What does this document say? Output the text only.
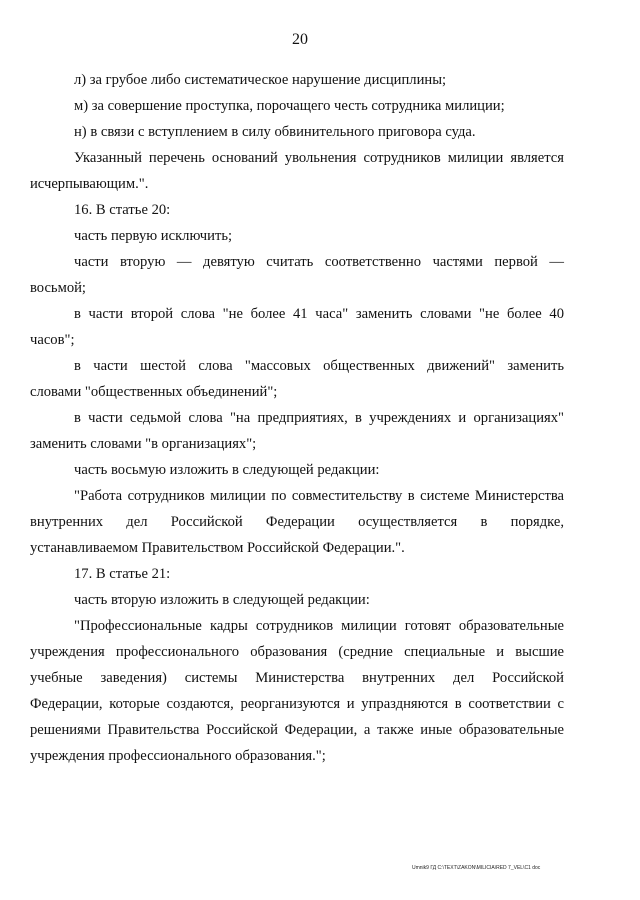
20
л) за грубое либо систематическое нарушение дисциплины;
м) за совершение проступка, порочащего честь сотрудника милиции;
н) в связи с вступлением в силу обвинительного приговора суда.
Указанный перечень оснований увольнения сотрудников милиции является
исчерпывающим.".
16. В статье 20:
часть первую исключить;
части вторую — девятую считать соответственно частями первой —
восьмой;
в части второй слова "не более 41 часа" заменить словами "не более 40
часов";
в части шестой слова "массовых общественных движений" заменить
словами "общественных объединений";
в части седьмой слова "на предприятиях, в учреждениях и организациях"
заменить словами "в организациях";
часть восьмую изложить в следующей редакции:
"Работа сотрудников милиции по совместительству в системе Министерства
внутренних дел Российской Федерации осуществляется в порядке,
устанавливаемом Правительством Российской Федерации.".
17. В статье 21:
часть вторую изложить в следующей редакции:
"Профессиональные кадры сотрудников милиции готовят образовательные
учреждения профессионального образования (средние специальные и высшие
учебные заведения) системы Министерства внутренних дел Российской
Федерации, которые создаются, реорганизуются и упраздняются в соответствии с
решениями Правительства Российской Федерации, а также иные образовательные
учреждения профессионального образования.";
Umnik9 ГД C:\TEXT\ZAKON\MILICIA\RED 7_VEL\C1 doc
